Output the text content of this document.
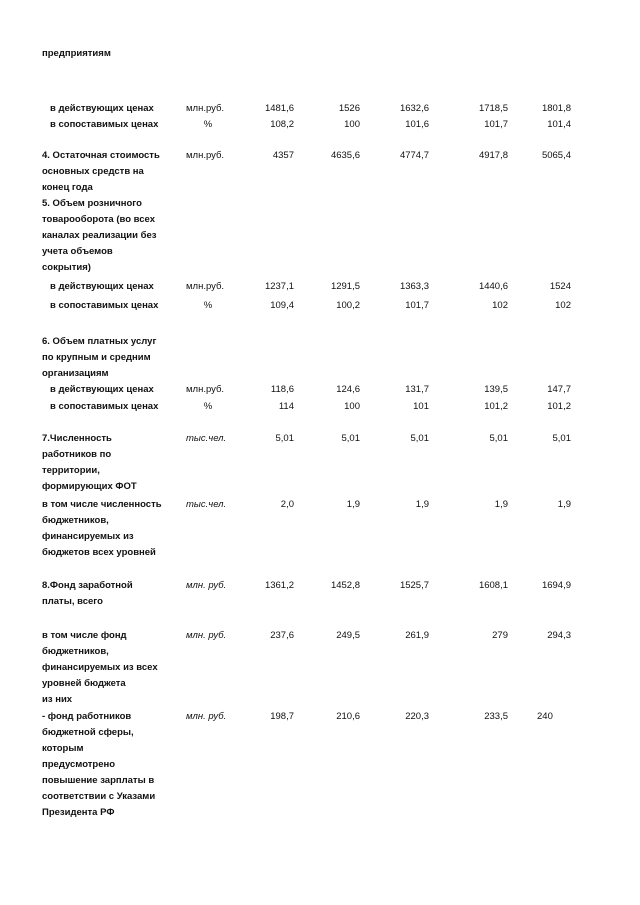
предприятиям
в действующих ценах	млн.руб.	1481,6	1526	1632,6	1718,5	1801,8
в сопоставимых ценах	%	108,2	100	101,6	101,7	101,4
4. Остаточная стоимость
основных средств на
конец года
млн.руб.	4357	4635,6	4774,7	4917,8	5065,4
5. Объем розничного
товарооборота (во всех
каналах реализации без
учета объемов
сокрытия)
в действующих ценах	млн.руб.	1237,1	1291,5	1363,3	1440,6	1524
в сопоставимых ценах	%	109,4	100,2	101,7	102	102
6. Объем платных услуг
по крупным и средним
организациям
в действующих ценах	млн.руб.	118,6	124,6	131,7	139,5	147,7
в сопоставимых ценах	%	114	100	101	101,2	101,2
7.Численность
работников по
территории,
формирующих ФОТ
тыс.чел.	5,01	5,01	5,01	5,01	5,01
в том числе численность
бюджетников,
финансируемых из
бюджетов всех уровней
тыс.чел.	2,0	1,9	1,9	1,9	1,9
8.Фонд заработной
платы, всего
млн. руб.	1361,2	1452,8	1525,7	1608,1	1694,9
в том числе фонд
бюджетников,
финансируемых из всех
уровней бюджета
из них
млн. руб.	237,6	249,5	261,9	279	294,3
- фонд работников
бюджетной сферы,
которым
предусмотрено
повышение зарплаты в
соответствии с Указами
Президента РФ
млн. руб.	198,7	210,6	220,3	233,5	240
